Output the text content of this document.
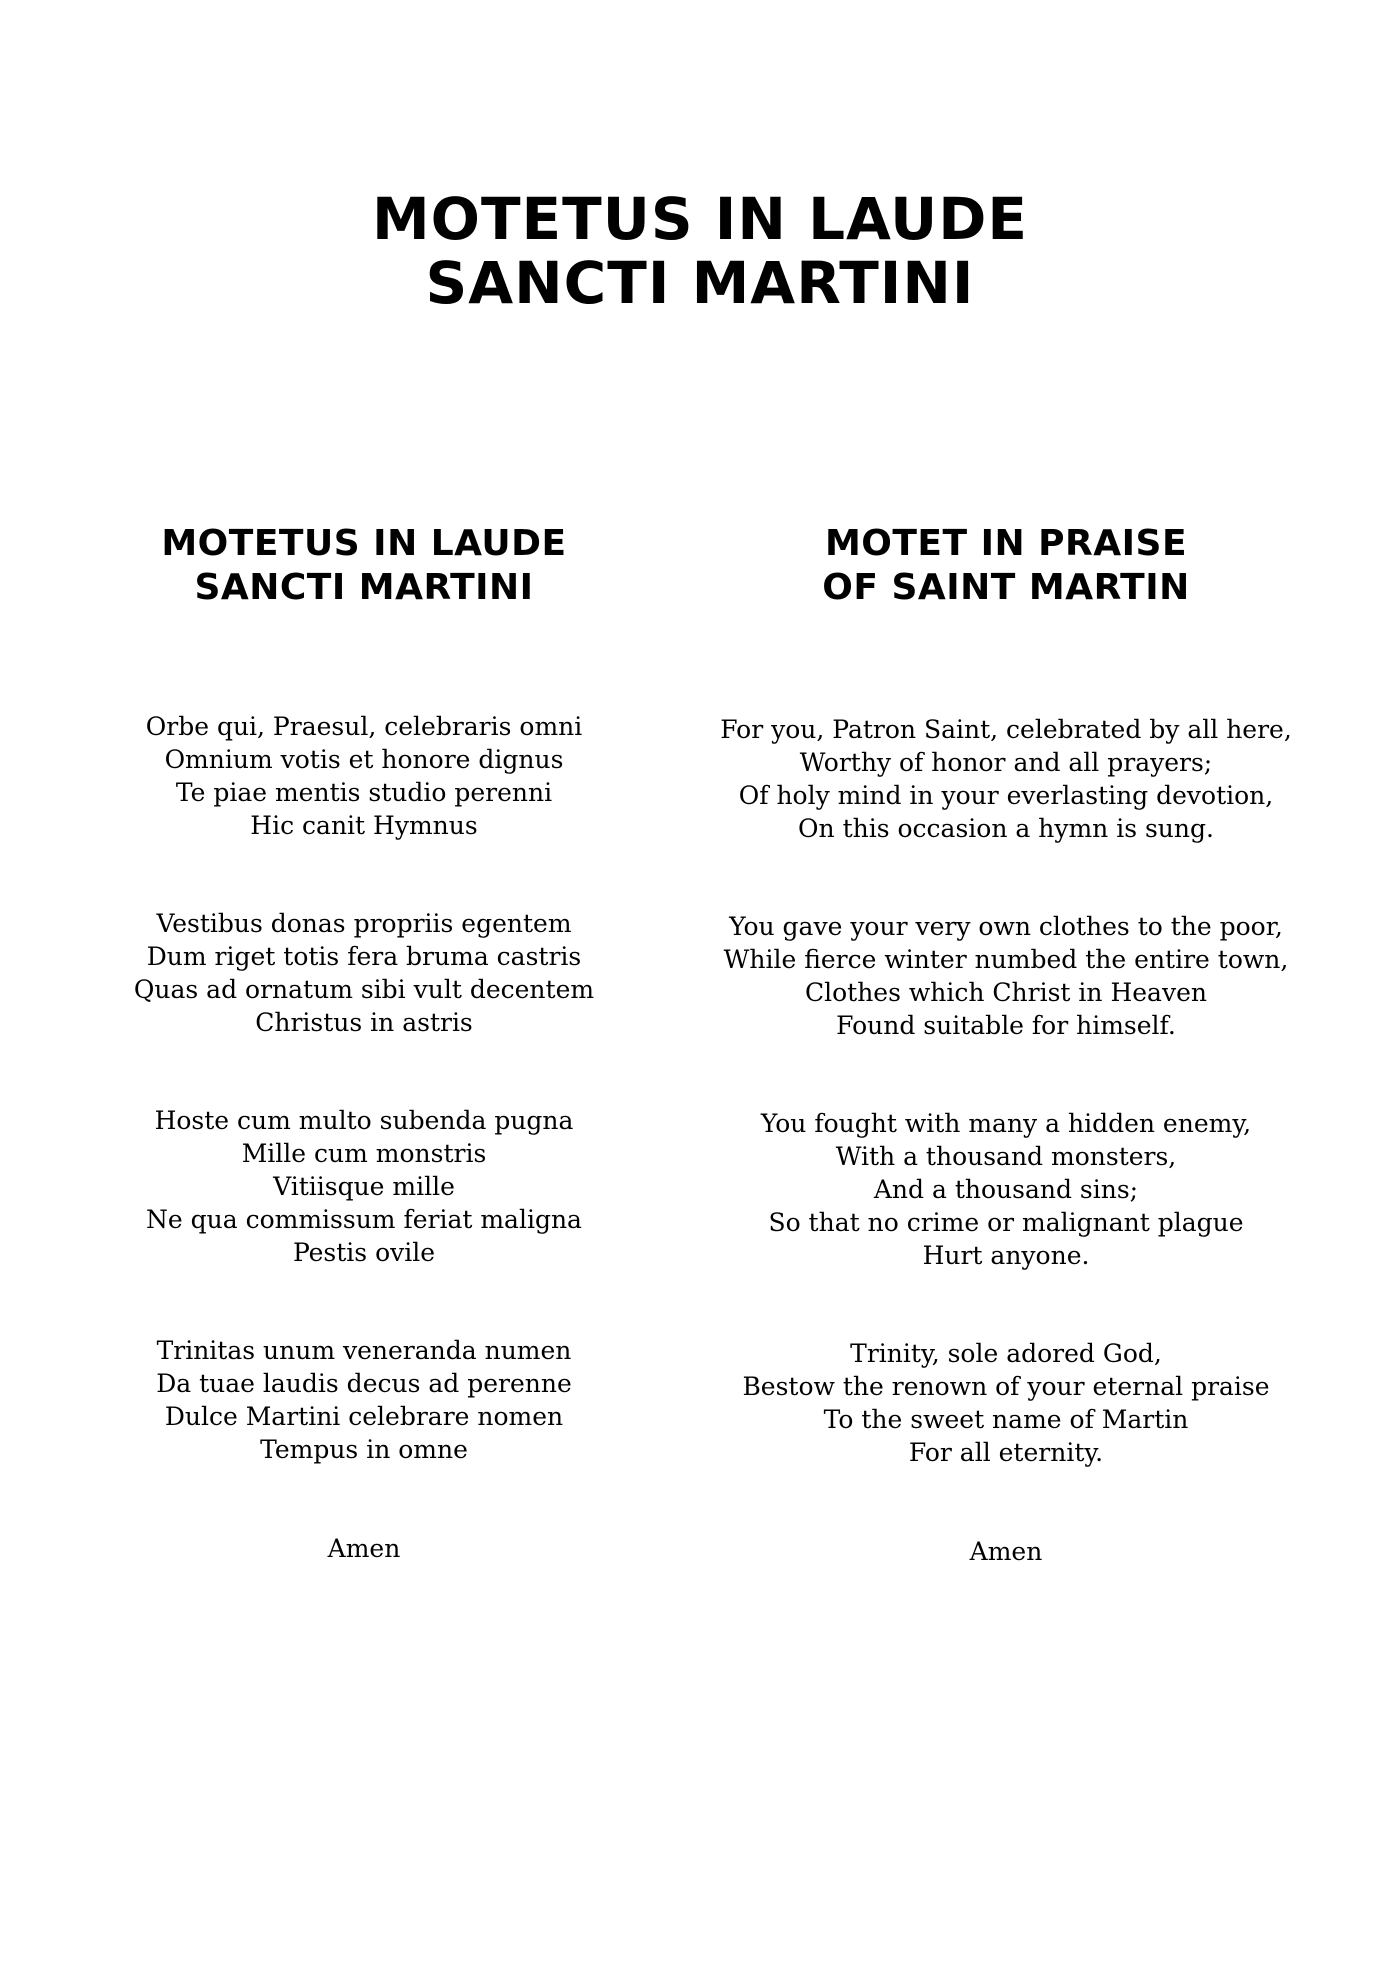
MOTETUS IN LAUDE
SANCTI MARTINI
MOTETUS IN LAUDE
SANCTI MARTINI

Orbe qui, Praesul, celebraris omni
Omnium votis et honore dignus
Te piae mentis studio perenni
Hic canit Hymnus

Vestibus donas propriis egentem
Dum riget totis fera bruma castris
Quas ad ornatum sibi vult decentem
Christus in astris

Hoste cum multo subenda pugna
Mille cum monstris
Vitiisque mille
Ne qua commissum feriat maligna
Pestis ovile

Trinitas unum veneranda numen
Da tuae laudis decus ad perenne
Dulce Martini celebrare nomen
Tempus in omne

Amen
MOTET IN PRAISE
OF SAINT MARTIN

For you, Patron Saint, celebrated by all here,
Worthy of honor and all prayers;
Of holy mind in your everlasting devotion,
On this occasion a hymn is sung.

You gave your very own clothes to the poor,
While fierce winter numbed the entire town,
Clothes which Christ in Heaven
Found suitable for himself.

You fought with many a hidden enemy,
With a thousand monsters,
And a thousand sins;
So that no crime or malignant plague
Hurt anyone.

Trinity, sole adored God,
Bestow the renown of your eternal praise
To the sweet name of Martin
For all eternity.

Amen
